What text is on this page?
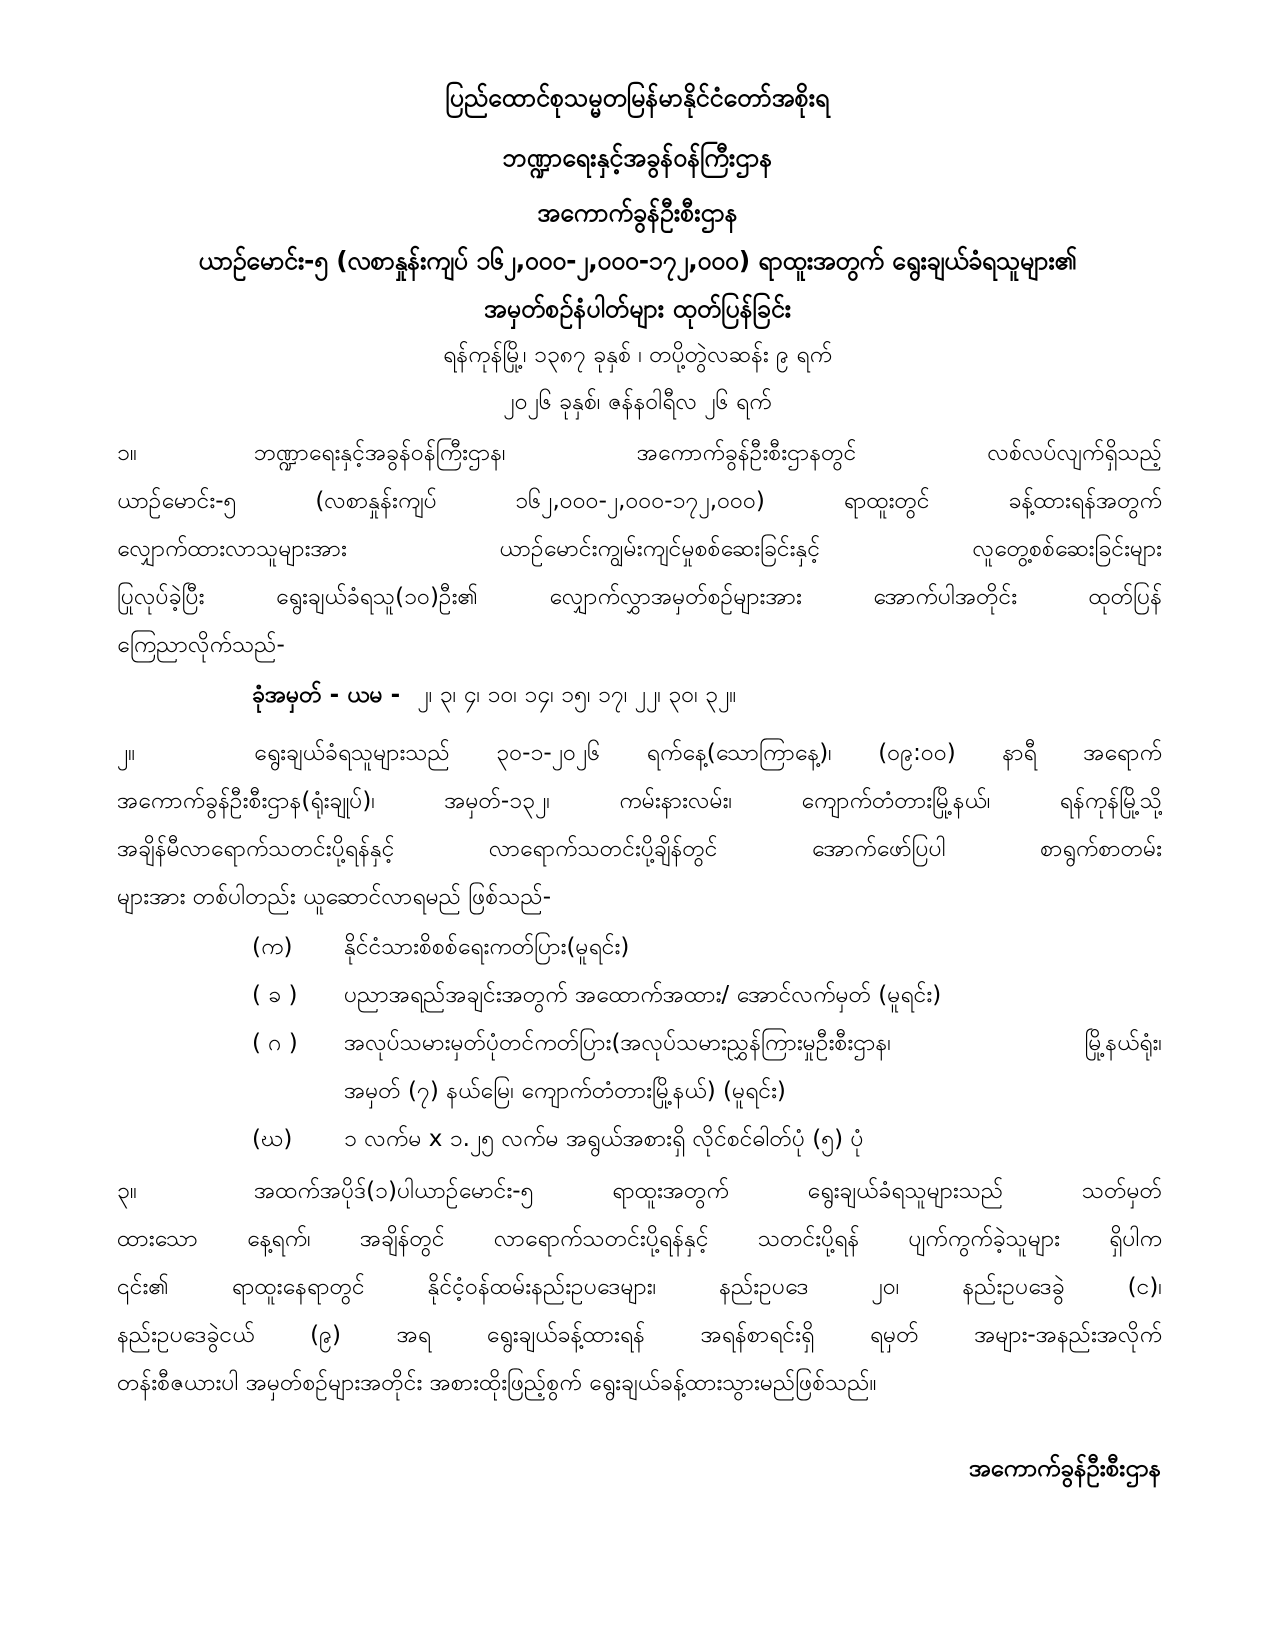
ပြည်ထောင်စုသမ္မတမြန်မာနိုင်ငံတော်အစိုးရ
ဘဏ္ဍာရေးနှင့်အခွန်ဝန်ကြီးဌာန
အကောက်ခွန်ဦးစီးဌာန
ယာဉ်မောင်း-၅ (လစာနှုန်းကျပ် ၁၆၂,၀၀၀-၂,၀၀၀-၁၇၂,၀၀၀) ရာထူးအတွက် ရွေးချယ်ခံရသူများ၏
အမှတ်စဉ်နံပါတ်များ ထုတ်ပြန်ခြင်း
ရန်ကုန်မြို့၊ ၁၃၈၇ ခုနှစ် ၊ တပို့တွဲလဆန်း ၉ ရက်
၂၀၂၆ ခုနှစ်၊ ဇန်နဝါရီလ ၂၆ ရက်
၁။	ဘဏ္ဍာရေးနှင့်အခွန်ဝန်ကြီးဌာန၊ အကောက်ခွန်ဦးစီးဌာနတွင် လစ်လပ်လျက်ရှိသည့်
ယာဉ်မောင်း-၅ (လစာနှုန်းကျပ် ၁၆၂,၀၀၀-၂,၀၀၀-၁၇၂,၀၀၀) ရာထူးတွင် ခန့်ထားရန်အတွက်
လျှောက်ထားလာသူများအား ယာဉ်မောင်းကျွမ်းကျင်မှုစစ်ဆေးခြင်းနှင့် လူတွေ့စစ်ဆေးခြင်းများ
ပြုလုပ်ခဲ့ပြီး ရွေးချယ်ခံရသူ(၁၀)ဦး၏ လျှောက်လွှာအမှတ်စဉ်များအား အောက်ပါအတိုင်း ထုတ်ပြန်
ကြေညာလိုက်သည်-
ခုံအမှတ် - ယမ - ၂၊ ၃၊ ၄၊ ၁၀၊ ၁၄၊ ၁၅၊ ၁၇၊ ၂၂၊ ၃၀၊ ၃၂။
၂။	ရွေးချယ်ခံရသူများသည် ၃၀-၁-၂၀၂၆ ရက်နေ့(သောကြာနေ့)၊ (၀၉:၀၀) နာရီ အရောက်
အကောက်ခွန်ဦးစီးဌာန(ရုံးချုပ်)၊ အမှတ်-၁၃၂၊ ကမ်းနားလမ်း၊ ကျောက်တံတားမြို့နယ်၊ ရန်ကုန်မြို့သို့
အချိန်မီလာရောက်သတင်းပို့ရန်နှင့် လာရောက်သတင်းပို့ချိန်တွင် အောက်ဖော်ပြပါ စာရွက်စာတမ်း
များအား တစ်ပါတည်း ယူဆောင်လာရမည် ဖြစ်သည်-
(က) နိုင်ငံသားစိစစ်ရေးကတ်ပြား(မူရင်း)
( ခ ) ပညာအရည်အချင်းအတွက် အထောက်အထား/ အောင်လက်မှတ် (မူရင်း)
( ဂ ) အလုပ်သမားမှတ်ပုံတင်ကတ်ပြား(အလုပ်သမားညွှန်ကြားမှုဦးစီးဌာန၊ မြို့နယ်ရုံး၊
အမှတ် (၇) နယ်မြေ၊ ကျောက်တံတားမြို့နယ်) (မူရင်း)
(ဃ) ၁ လက်မ x ၁.၂၅ လက်မ အရွယ်အစားရှိ လိုင်စင်ဓါတ်ပုံ (၅) ပုံ
၃။	အထက်အပိုဒ်(၁)ပါယာဉ်မောင်း-၅ ရာထူးအတွက် ရွေးချယ်ခံရသူများသည် သတ်မှတ်
ထားသော နေ့ရက်၊ အချိန်တွင် လာရောက်သတင်းပို့ရန်နှင့် သတင်းပို့ရန် ပျက်ကွက်ခဲ့သူများ ရှိပါက
၎င်း၏ ရာထူးနေရာတွင် နိုင်ငံ့ဝန်ထမ်းနည်းဥပဒေများ၊ နည်းဥပဒေ ၂၀၊ နည်းဥပဒေခွဲ (င)၊
နည်းဥပဒေခွဲငယ် (၉) အရ ရွေးချယ်ခန့်ထားရန် အရန်စာရင်းရှိ ရမှတ် အများ-အနည်းအလိုက်
တန်းစီဇယားပါ အမှတ်စဉ်များအတိုင်း အစားထိုးဖြည့်စွက် ရွေးချယ်ခန့်ထားသွားမည်ဖြစ်သည်။
အကောက်ခွန်ဦးစီးဌာန
